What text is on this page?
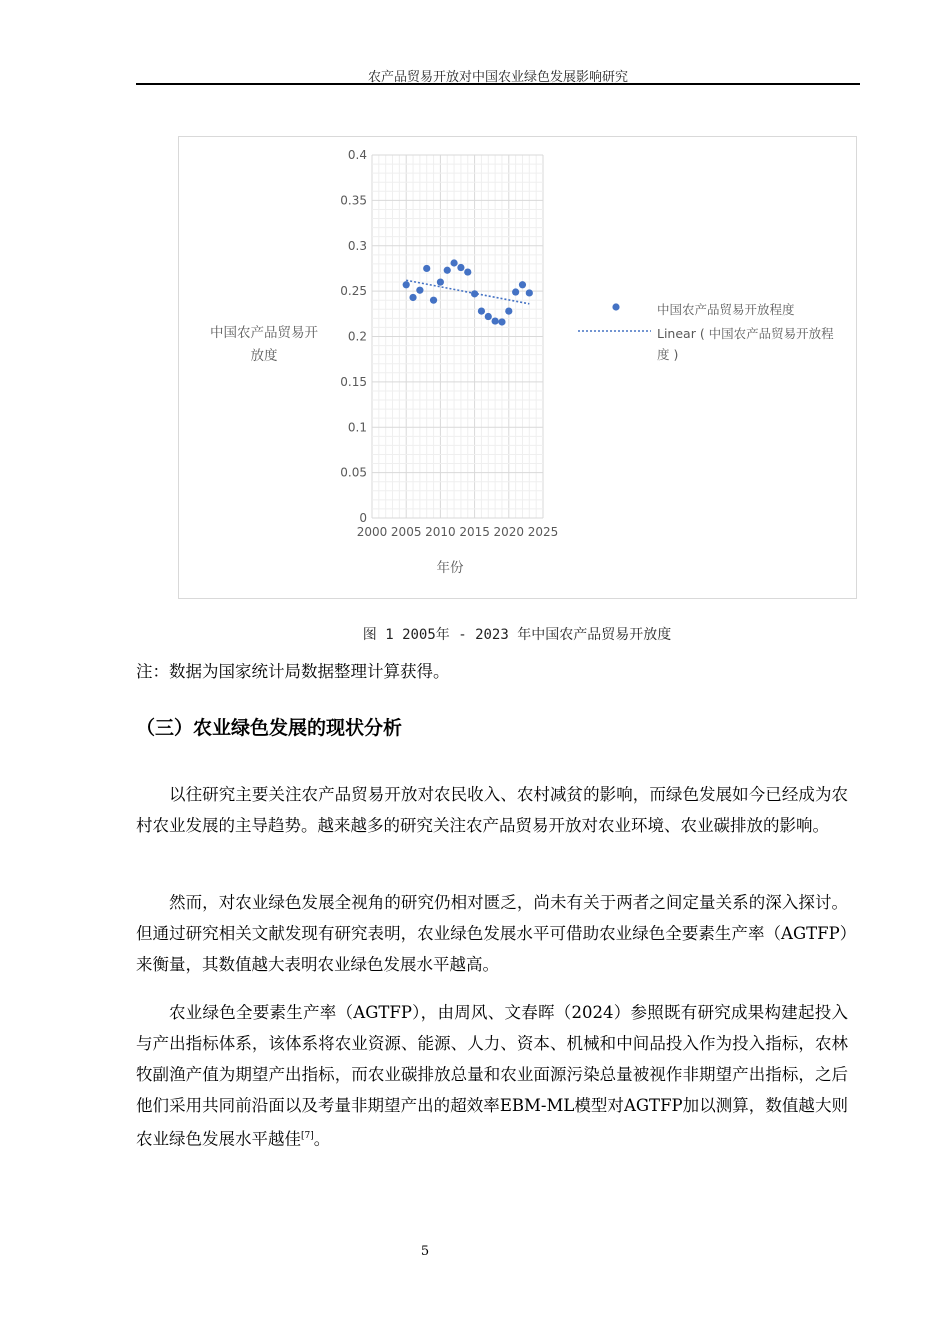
农产品贸易开放对中国农业绿色发展影响研究
2000 2005 2010 2015 2020 2025
0
0.05
0.1
0.15
0.2
0.25
0.3
0.35
0.4
中国农产品贸易开
放度
年份
中国农产品贸易开放程度
Linear ( 中国农产品贸易开放程
度 )
图 1 2005年 - 2023 年中国农产品贸易开放度
注：数据为国家统计局数据整理计算获得。
（三）农业绿色发展的现状分析

以往研究主要关注农产品贸易开放对农民收入、农村减贫的影响，而绿色发展如今已经成为农村农业发展的主导趋势。越来越多的研究关注农产品贸易开放对农业环境、农业碳排放的影响。

然而，对农业绿色发展全视角的研究仍相对匮乏，尚未有关于两者之间定量关系的深入探讨。但通过研究相关文献发现有研究表明，农业绿色发展水平可借助农业绿色全要素生产率（AGTFP）来衡量，其数值越大表明农业绿色发展水平越高。

农业绿色全要素生产率（AGTFP），由周风、文春晖（2024）参照既有研究成果构建起投入与产出指标体系，该体系将农业资源、能源、人力、资本、机械和中间品投入作为投入指标，农林牧副渔产值为期望产出指标，而农业碳排放总量和农业面源污染总量被视作非期望产出指标，之后他们采用共同前沿面以及考量非期望产出的超效率EBM-ML模型对AGTFP加以测算，数值越大则农业绿色发展水平越佳[7]。

5
